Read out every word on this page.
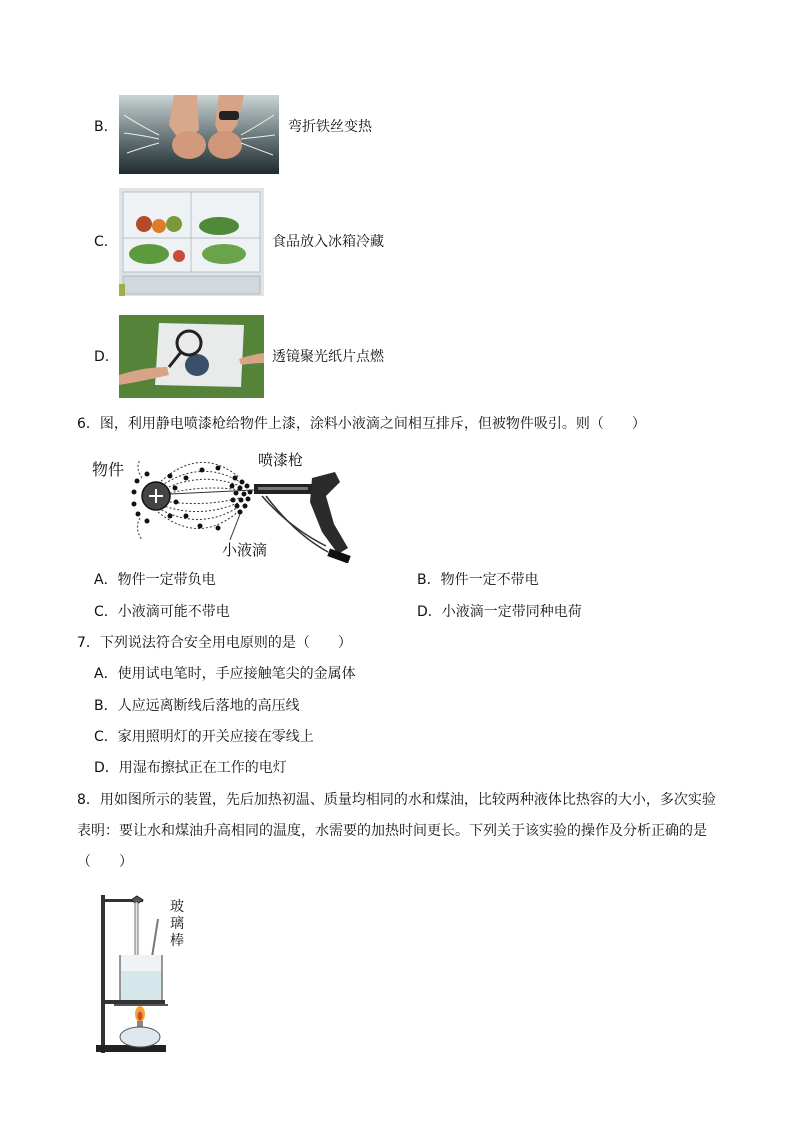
B.	弯折铁丝变热
C.	食品放入冰箱冷藏
D.	透镜聚光纸片点燃
6．图，利用静电喷漆枪给物件上漆，涂料小液滴之间相互排斥，但被物件吸引。则（　　）
物件	喷漆枪
小液滴
A．物件一定带负电	B．物件一定不带电
C．小液滴可能不带电	D．小液滴一定带同种电荷
7．下列说法符合安全用电原则的是（　　）
A．使用试电笔时，手应接触笔尖的金属体
B．人应远离断线后落地的高压线
C．家用照明灯的开关应接在零线上
D．用湿布擦拭正在工作的电灯
8．用如图所示的装置，先后加热初温、质量均相同的水和煤油，比较两种液体比热容的大小，多次实验
表明：要让水和煤油升高相同的温度，水需要的加热时间更长。下列关于该实验的操作及分析正确的是
（　　）
玻
璃
棒
